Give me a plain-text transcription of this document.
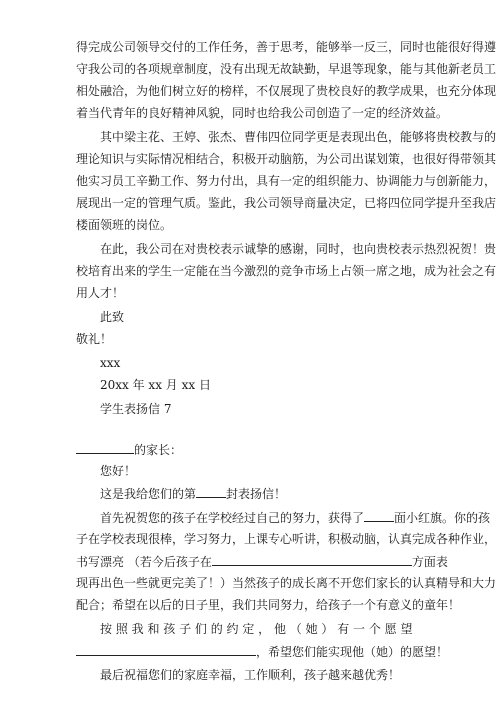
得完成公司领导交付的工作任务，善于思考，能够举一反三，同时也能很好得遵
守我公司的各项规章制度，没有出现无故缺勤，早退等现象，能与其他新老员工
相处融洽，为他们树立好的榜样，不仅展现了贵校良好的教学成果，也充分体现
着当代青年的良好精神风貌，同时也给我公司创造了一定的经济效益。
其中梁主花、王婷、张杰、曹伟四位同学更是表现出色，能够将贵校教与的
理论知识与实际情况相结合，积极开动脑筋，为公司出谋划策，也很好得带领其
他实习员工辛勤工作、努力付出，具有一定的组织能力、协调能力与创新能力，
展现出一定的管理气质。鉴此，我公司领导商量决定，已将四位同学提升至我店
楼面领班的岗位。
在此，我公司在对贵校表示诚挚的感谢，同时，也向贵校表示热烈祝贺！贵
校培育出来的学生一定能在当今激烈的竞争市场上占领一席之地，成为社会之有
用人才！
此致
敬礼！
xxx
20xx 年 xx 月 xx 日
学生表扬信 7
的家长：
您好！
这是我给您们的第	封表扬信！
首先祝贺您的孩子在学校经过自己的努力，获得了	面小红旗。你的孩
子在学校表现很棒，学习努力，上课专心听讲，积极动脑，认真完成各种作业，
书写漂亮 （若今后孩子在	方面表
现再出色一些就更完美了！）当然孩子的成长离不开您们家长的认真精导和大力
配合；希望在以后的日子里，我们共同努力，给孩子一个有意义的童年！
按 照 我 和 孩 子 们 的 约 定 ， 他 （ 她 ） 有 一 个 愿 望
，希望您们能实现他（她）的愿望！
最后祝福您们的家庭幸福，工作顺利，孩子越来越优秀！
